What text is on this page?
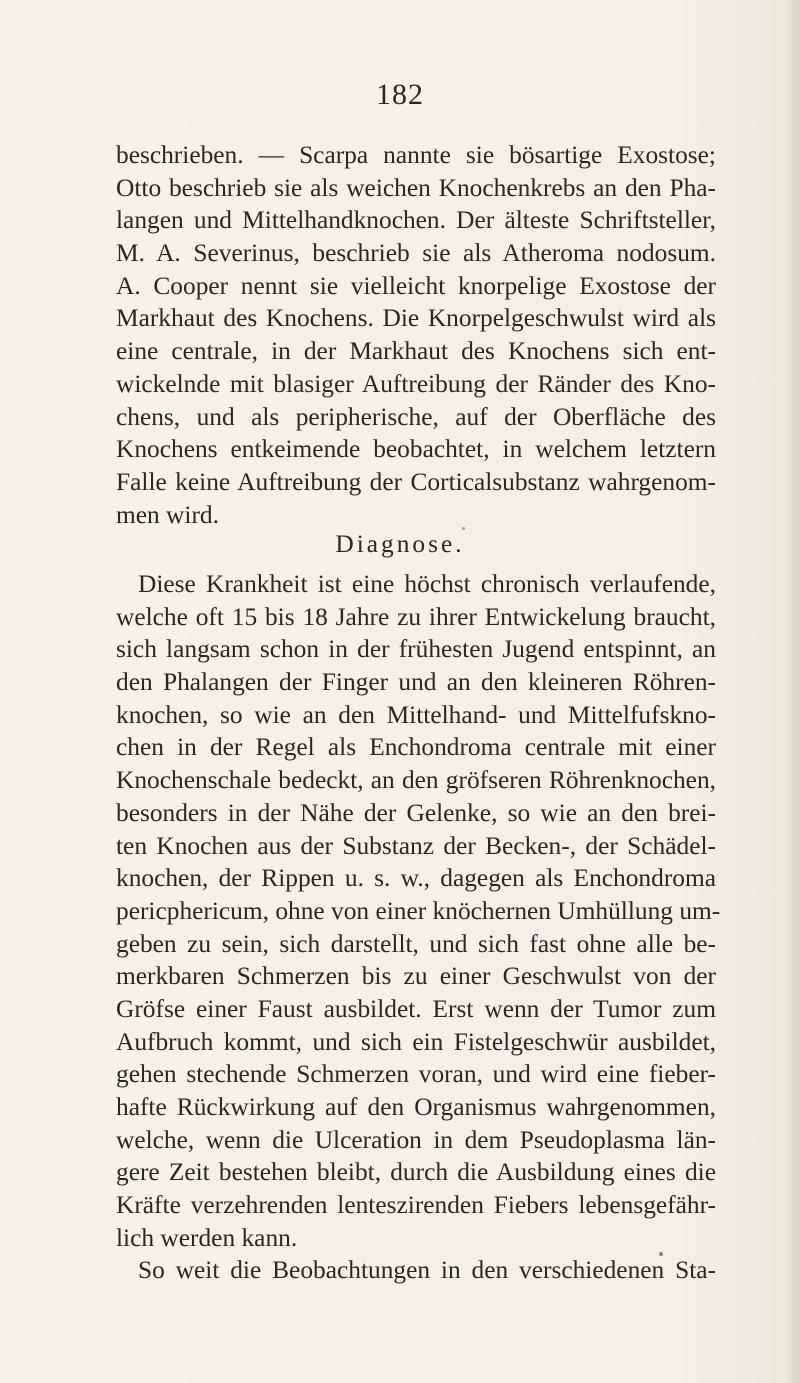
182
beschrieben. — Scarpa nannte sie bösartige Exostose;
Otto beschrieb sie als weichen Knochenkrebs an den Pha-
langen und Mittelhandknochen. Der älteste Schriftsteller,
M. A. Severinus, beschrieb sie als Atheroma nodosum.
A. Cooper nennt sie vielleicht knorpelige Exostose der
Markhaut des Knochens. Die Knorpelgeschwulst wird als
eine centrale, in der Markhaut des Knochens sich ent-
wickelnde mit blasiger Auftreibung der Ränder des Kno-
chens, und als peripherische, auf der Oberfläche des
Knochens entkeimende beobachtet, in welchem letztern
Falle keine Auftreibung der Corticalsubstanz wahrgenom-
men wird.
Diagnose.
Diese Krankheit ist eine höchst chronisch verlaufende,
welche oft 15 bis 18 Jahre zu ihrer Entwickelung braucht,
sich langsam schon in der frühesten Jugend entspinnt, an
den Phalangen der Finger und an den kleineren Röhren-
knochen, so wie an den Mittelhand- und Mittelfufskno-
chen in der Regel als Enchondroma centrale mit einer
Knochenschale bedeckt, an den gröfseren Röhrenknochen,
besonders in der Nähe der Gelenke, so wie an den brei-
ten Knochen aus der Substanz der Becken-, der Schädel-
knochen, der Rippen u. s. w., dagegen als Enchondroma
pericphericum, ohne von einer knöchernen Umhüllung um-
geben zu sein, sich darstellt, und sich fast ohne alle be-
merkbaren Schmerzen bis zu einer Geschwulst von der
Gröfse einer Faust ausbildet. Erst wenn der Tumor zum
Aufbruch kommt, und sich ein Fistelgeschwür ausbildet,
gehen stechende Schmerzen voran, und wird eine fieber-
hafte Rückwirkung auf den Organismus wahrgenommen,
welche, wenn die Ulceration in dem Pseudoplasma län-
gere Zeit bestehen bleibt, durch die Ausbildung eines die
Kräfte verzehrenden lenteszirenden Fiebers lebensgefähr-
lich werden kann.
So weit die Beobachtungen in den verschiedenen Sta-
